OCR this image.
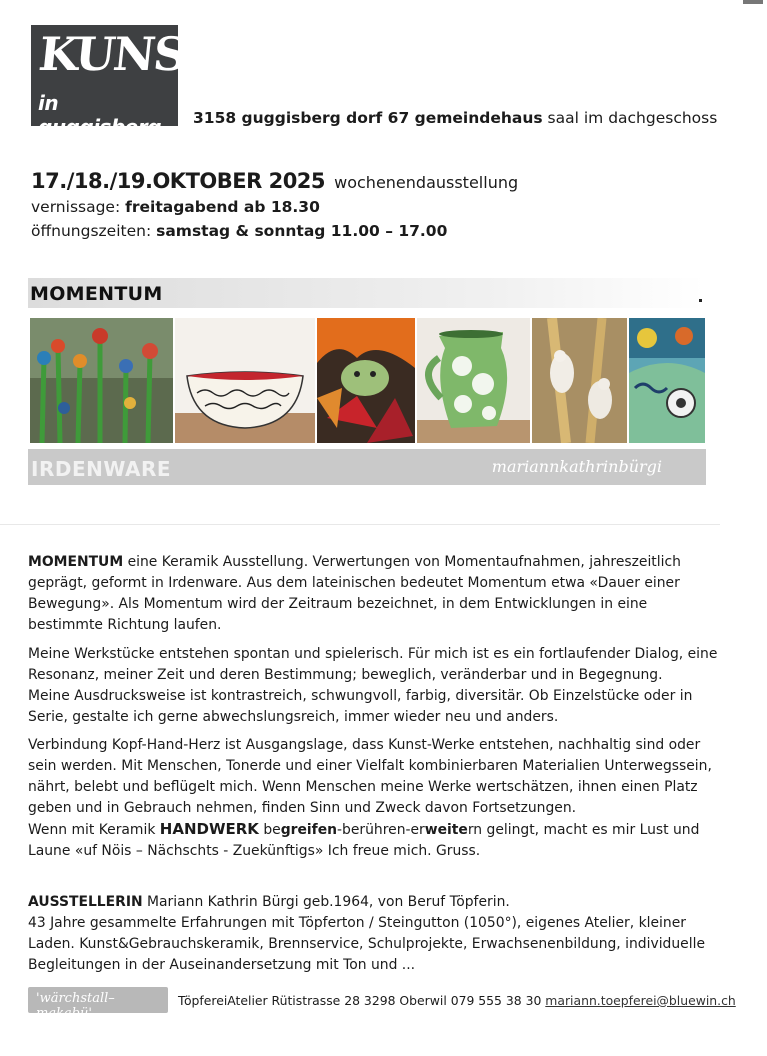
KUNST
in guggisberg	3158 guggisberg dorf 67 gemeindehaus saal im dachgeschoss
17./18./19.OKTOBER 2025 wochenendausstellung
vernissage: freitagabend ab 18.30
öffnungszeiten: samstag & sonntag 11.00 – 17.00
MOMENTUM
IRDENWARE	mariannkathrinbürgi
MOMENTUM eine Keramik Ausstellung. Verwertungen von Momentaufnahmen, jahreszeitlich geprägt, geformt in Irdenware. Aus dem lateinischen bedeutet Momentum etwa «Dauer einer Bewegung». Als Momentum wird der Zeitraum bezeichnet, in dem Entwicklungen in eine bestimmte Richtung laufen.
Meine Werkstücke entstehen spontan und spielerisch. Für mich ist es ein fortlaufender Dialog, eine Resonanz, meiner Zeit und deren Bestimmung; beweglich, veränderbar und in Begegnung.
Meine Ausdrucksweise ist kontrastreich, schwungvoll, farbig, diversitär. Ob Einzelstücke oder in Serie, gestalte ich gerne abwechslungsreich, immer wieder neu und anders.
Verbindung Kopf-Hand-Herz ist Ausgangslage, dass Kunst-Werke entstehen, nachhaltig sind oder sein werden. Mit Menschen, Tonerde und einer Vielfalt kombinierbaren Materialien Unterwegssein, nährt, belebt und beflügelt mich. Wenn Menschen meine Werke wertschätzen, ihnen einen Platz geben und in Gebrauch nehmen, finden Sinn und Zweck davon Fortsetzungen.
Wenn mit Keramik HANDWERK begreifen-berühren-erweitern gelingt, macht es mir Lust und Laune «uf Nöis – Nächschts - Zuekünftigs» Ich freue mich. Gruss.
AUSSTELLERIN Mariann Kathrin Bürgi geb.1964, von Beruf Töpferin.
43 Jahre gesammelte Erfahrungen mit Töpferton / Steingutton (1050°), eigenes Atelier, kleiner Laden. Kunst&Gebrauchskeramik, Brennservice, Schulprojekte, Erwachsenenbildung, individuelle Begleitungen in der Auseinandersetzung mit Ton und ...
'wärchstall–makabü'
TöpfereiAtelier Rütistrasse 28 3298 Oberwil 079 555 38 30 mariann.toepferei@bluewin.ch
